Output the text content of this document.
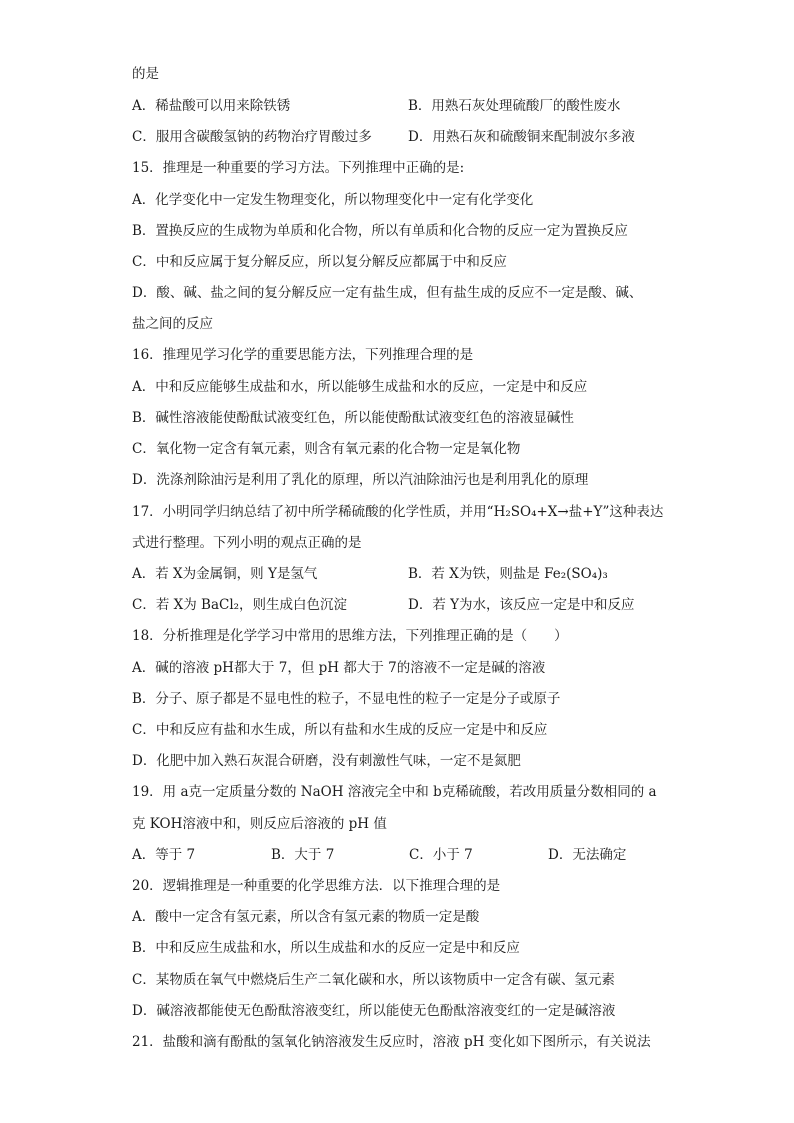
的是
A．稀盐酸可以用来除铁锈	B．用熟石灰处理硫酸厂的酸性废水
C．服用含碳酸氢钠的药物治疗胃酸过多	D．用熟石灰和硫酸铜来配制波尔多液
15．推理是一种重要的学习方法。下列推理中正确的是:
A．化学变化中一定发生物理变化，所以物理变化中一定有化学变化
B．置换反应的生成物为单质和化合物，所以有单质和化合物的反应一定为置换反应
C．中和反应属于复分解反应，所以复分解反应都属于中和反应
D．酸、碱、盐之间的复分解反应一定有盐生成，但有盐生成的反应不一定是酸、碱、
盐之间的反应
16．推理见学习化学的重要思能方法，下列推理合理的是
A．中和反应能够生成盐和水，所以能够生成盐和水的反应，一定是中和反应
B．碱性溶液能使酚酞试液变红色，所以能使酚酞试液变红色的溶液显碱性
C．氧化物一定含有氧元素，则含有氧元素的化合物一定是氧化物
D．洗涤剂除油污是利用了乳化的原理，所以汽油除油污也是利用乳化的原理
17．小明同学归纳总结了初中所学稀硫酸的化学性质，并用“H₂SO₄+X→盐+Y”这种表达
式进行整理。下列小明的观点正确的是
A．若 X为金属铜，则 Y是氢气	B．若 X为铁，则盐是 Fe₂(SO₄)₃
C．若 X为 BaCl₂，则生成白色沉淀	D．若 Y为水，该反应一定是中和反应
18．分析推理是化学学习中常用的思维方法，下列推理正确的是（　　）
A．碱的溶液 pH都大于 7，但 pH 都大于 7的溶液不一定是碱的溶液
B．分子、原子都是不显电性的粒子，不显电性的粒子一定是分子或原子
C．中和反应有盐和水生成，所以有盐和水生成的反应一定是中和反应
D．化肥中加入熟石灰混合研磨，没有刺激性气味，一定不是氮肥
19．用 a克一定质量分数的 NaOH 溶液完全中和 b克稀硫酸，若改用质量分数相同的 a
克 KOH溶液中和，则反应后溶液的 pH 值
A．等于 7	B．大于 7	C．小于 7	D．无法确定
20．逻辑推理是一种重要的化学思维方法．以下推理合理的是
A．酸中一定含有氢元素，所以含有氢元素的物质一定是酸
B．中和反应生成盐和水，所以生成盐和水的反应一定是中和反应
C．某物质在氧气中燃烧后生产二氧化碳和水，所以该物质中一定含有碳、氢元素
D．碱溶液都能使无色酚酞溶液变红，所以能使无色酚酞溶液变红的一定是碱溶液
21．盐酸和滴有酚酞的氢氧化钠溶液发生反应时，溶液 pH 变化如下图所示，有关说法
